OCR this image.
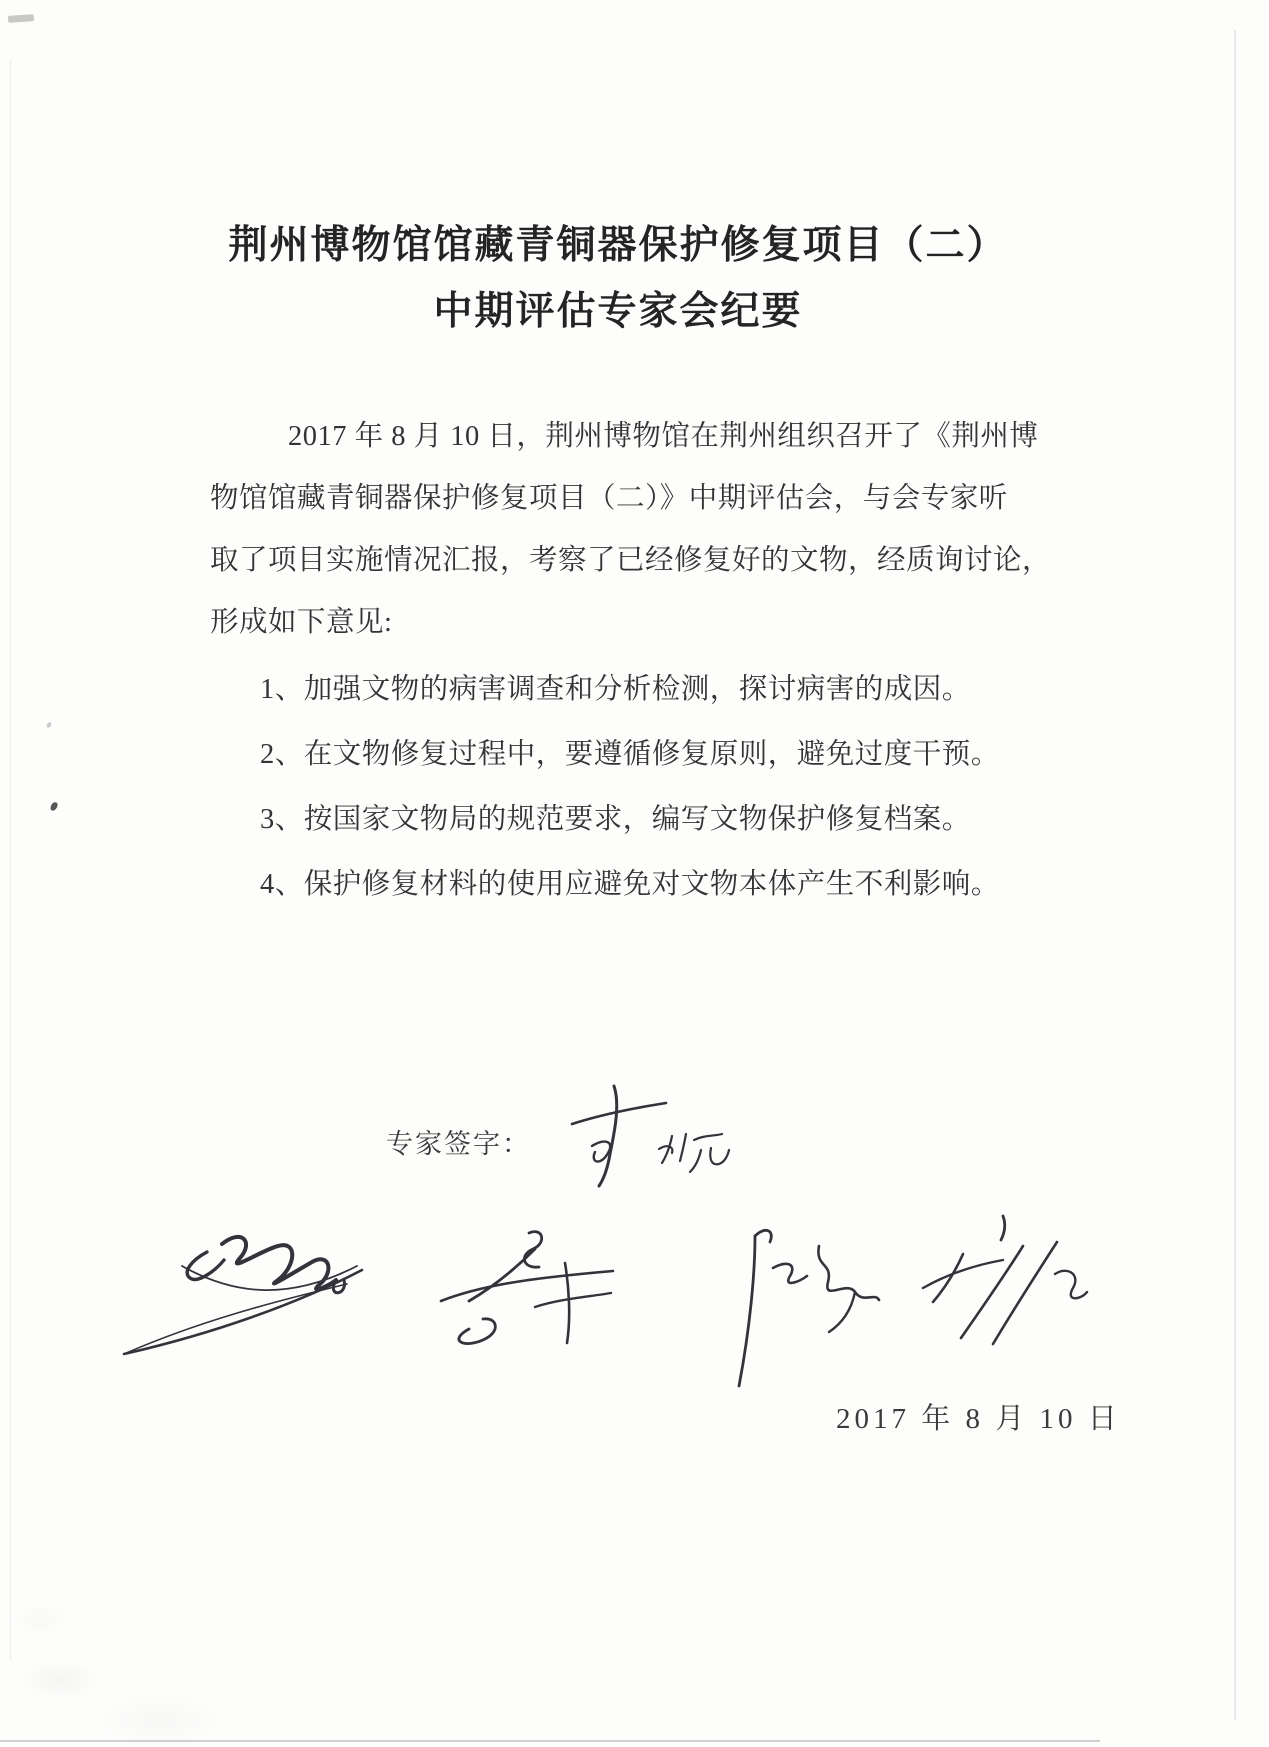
荆州博物馆馆藏青铜器保护修复项目（二）
中期评估专家会纪要
2017 年 8 月 10 日，荆州博物馆在荆州组织召开了《荆州博
物馆馆藏青铜器保护修复项目（二）》中期评估会，与会专家听
取了项目实施情况汇报，考察了已经修复好的文物，经质询讨论，
形成如下意见:
1、加强文物的病害调查和分析检测，探讨病害的成因。
2、在文物修复过程中，要遵循修复原则，避免过度干预。
3、按国家文物局的规范要求，编写文物保护修复档案。
4、保护修复材料的使用应避免对文物本体产生不利影响。
专家签字：
2017 年 8 月 10 日
